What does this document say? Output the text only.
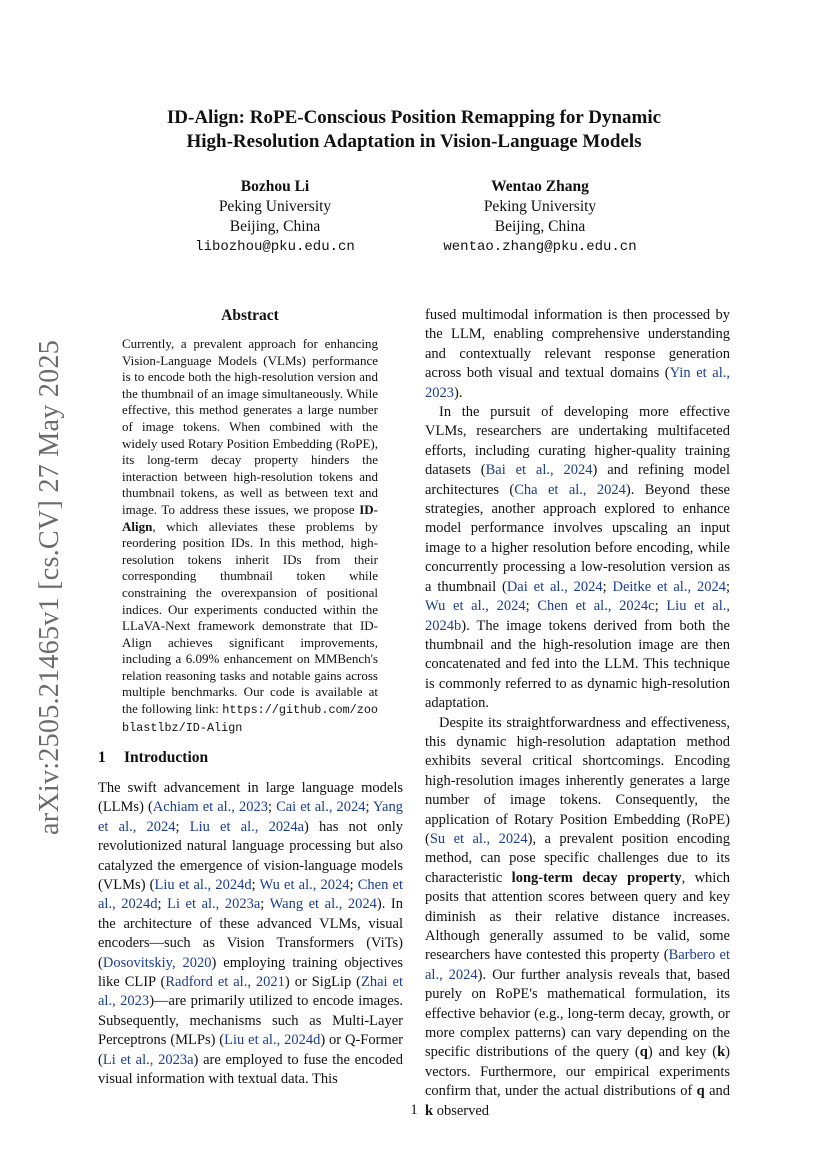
arXiv:2505.21465v1 [cs.CV] 27 May 2025
ID-Align: RoPE-Conscious Position Remapping for Dynamic
High-Resolution Adaptation in Vision-Language Models
Bozhou Li
Peking University
Beijing, China
libozhou@pku.edu.cn
Wentao Zhang
Peking University
Beijing, China
wentao.zhang@pku.edu.cn
Abstract
Currently, a prevalent approach for enhancing Vision-Language Models (VLMs) performance is to encode both the high-resolution version and the thumbnail of an image simultaneously. While effective, this method generates a large number of image tokens. When combined with the widely used Rotary Position Embedding (RoPE), its long-term decay property hinders the interaction between high-resolution tokens and thumbnail tokens, as well as between text and image. To address these issues, we propose ID-Align, which alleviates these problems by reordering position IDs. In this method, high-resolution tokens inherit IDs from their corresponding thumbnail token while constraining the overexpansion of positional indices. Our experiments conducted within the LLaVA-Next framework demonstrate that ID-Align achieves significant improvements, including a 6.09% enhancement on MMBench's relation reasoning tasks and notable gains across multiple benchmarks. Our code is available at the following link: https://github.com/zooblastlbz/ID-Align
1 Introduction

The swift advancement in large language models (LLMs) (Achiam et al., 2023; Cai et al., 2024; Yang et al., 2024; Liu et al., 2024a) has not only revolutionized natural language processing but also catalyzed the emergence of vision-language models (VLMs) (Liu et al., 2024d; Wu et al., 2024; Chen et al., 2024d; Li et al., 2023a; Wang et al., 2024). In the architecture of these advanced VLMs, visual encoders—such as Vision Transformers (ViTs) (Dosovitskiy, 2020) employing training objectives like CLIP (Radford et al., 2021) or SigLip (Zhai et al., 2023)—are primarily utilized to encode images. Subsequently, mechanisms such as Multi-Layer Perceptrons (MLPs) (Liu et al., 2024d) or Q-Former (Li et al., 2023a) are employed to fuse the encoded visual information with textual data. This

fused multimodal information is then processed by the LLM, enabling comprehensive understanding and contextually relevant response generation across both visual and textual domains (Yin et al., 2023).

In the pursuit of developing more effective VLMs, researchers are undertaking multifaceted efforts, including curating higher-quality training datasets (Bai et al., 2024) and refining model architectures (Cha et al., 2024). Beyond these strategies, another approach explored to enhance model performance involves upscaling an input image to a higher resolution before encoding, while concurrently processing a low-resolution version as a thumbnail (Dai et al., 2024; Deitke et al., 2024; Wu et al., 2024; Chen et al., 2024c; Liu et al., 2024b). The image tokens derived from both the thumbnail and the high-resolution image are then concatenated and fed into the LLM. This technique is commonly referred to as dynamic high-resolution adaptation.

Despite its straightforwardness and effectiveness, this dynamic high-resolution adaptation method exhibits several critical shortcomings. Encoding high-resolution images inherently generates a large number of image tokens. Consequently, the application of Rotary Position Embedding (RoPE) (Su et al., 2024), a prevalent position encoding method, can pose specific challenges due to its characteristic long-term decay property, which posits that attention scores between query and key diminish as their relative distance increases. Although generally assumed to be valid, some researchers have contested this property (Barbero et al., 2024). Our further analysis reveals that, based purely on RoPE's mathematical formulation, its effective behavior (e.g., long-term decay, growth, or more complex patterns) can vary depending on the specific distributions of the query (q) and key (k) vectors. Furthermore, our empirical experiments confirm that, under the actual distributions of q and k observed

1
